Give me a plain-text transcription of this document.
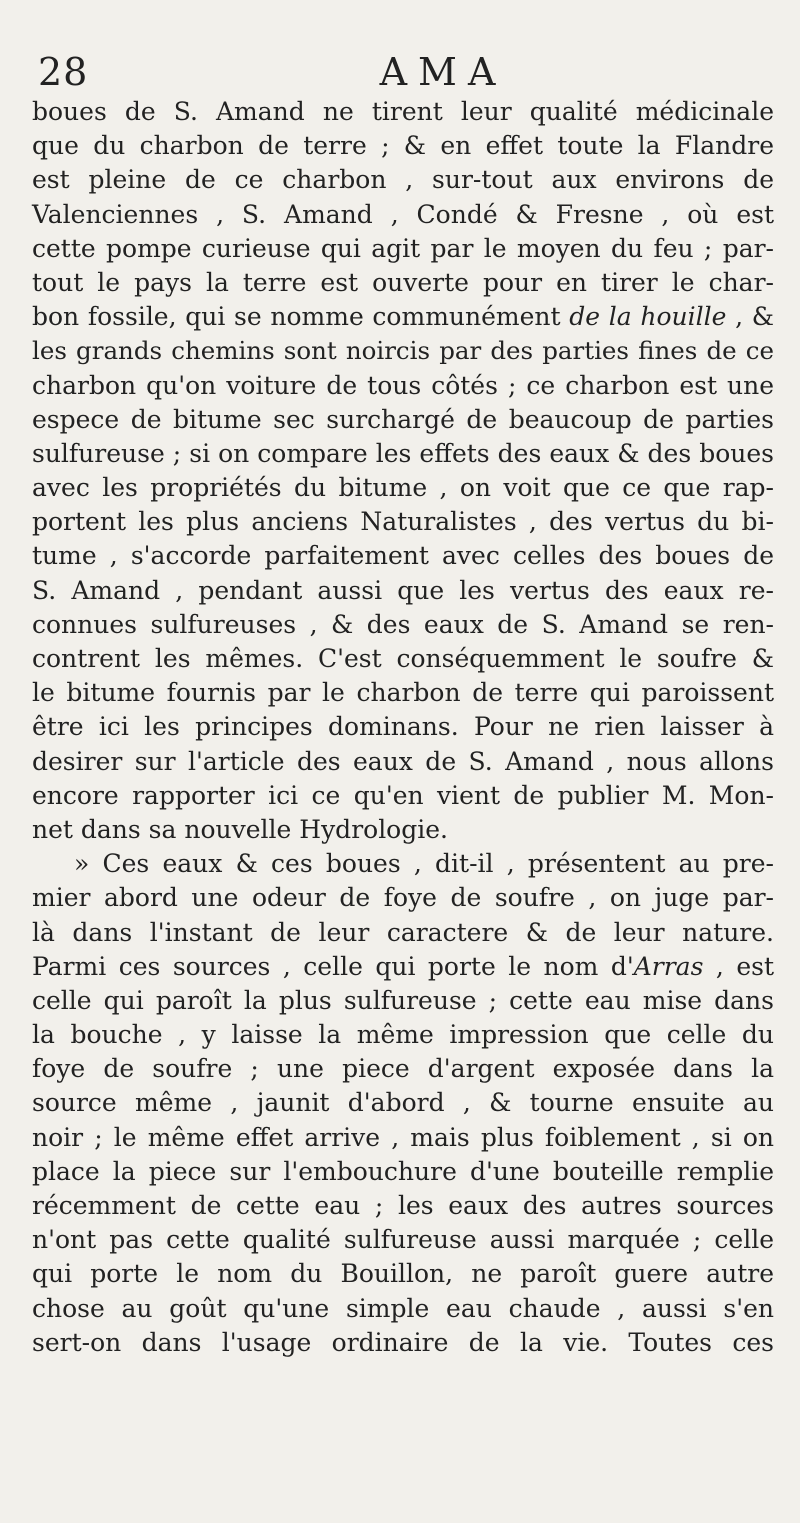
28	AMA
boues de S. Amand ne tirent leur qualité médicinale
que du charbon de terre ; & en effet toute la Flandre
est pleine de ce charbon , sur-tout aux environs de
Valenciennes , S. Amand , Condé & Fresne , où est
cette pompe curieuse qui agit par le moyen du feu ; par-
tout le pays la terre est ouverte pour en tirer le char-
bon fossile, qui se nomme communément de la houille , &
les grands chemins sont noircis par des parties fines de ce
charbon qu'on voiture de tous côtés ; ce charbon est une
espece de bitume sec surchargé de beaucoup de parties
sulfureuse ; si on compare les effets des eaux & des boues
avec les propriétés du bitume , on voit que ce que rap-
portent les plus anciens Naturalistes , des vertus du bi-
tume , s'accorde parfaitement avec celles des boues de
S. Amand , pendant aussi que les vertus des eaux re-
connues sulfureuses , & des eaux de S. Amand se ren-
contrent les mêmes. C'est conséquemment le soufre &
le bitume fournis par le charbon de terre qui paroissent
être ici les principes dominans. Pour ne rien laisser à
desirer sur l'article des eaux de S. Amand , nous allons
encore rapporter ici ce qu'en vient de publier M. Mon-
net dans sa nouvelle Hydrologie.
» Ces eaux & ces boues , dit-il , présentent au pre-
mier abord une odeur de foye de soufre , on juge par-
là dans l'instant de leur caractere & de leur nature.
Parmi ces sources , celle qui porte le nom d'Arras , est
celle qui paroît la plus sulfureuse ; cette eau mise dans
la bouche , y laisse la même impression que celle du
foye de soufre ; une piece d'argent exposée dans la
source même , jaunit d'abord , & tourne ensuite au
noir ; le même effet arrive , mais plus foiblement , si on
place la piece sur l'embouchure d'une bouteille remplie
récemment de cette eau ; les eaux des autres sources
n'ont pas cette qualité sulfureuse aussi marquée ; celle
qui porte le nom du Bouillon, ne paroît guere autre
chose au goût qu'une simple eau chaude , aussi s'en
sert-on dans l'usage ordinaire de la vie. Toutes ces
